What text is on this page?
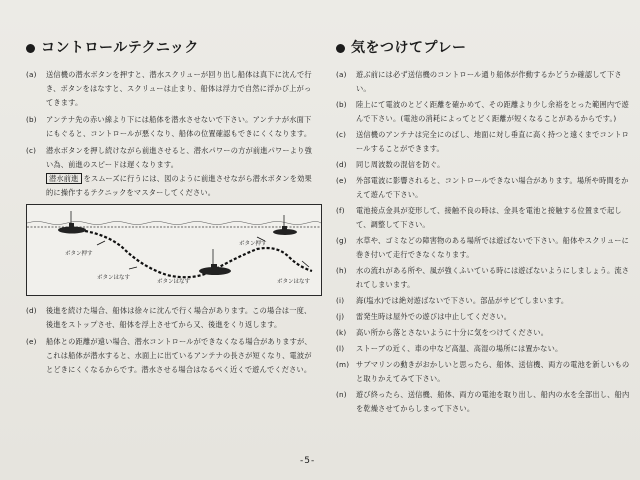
コントロールテクニック
(a)	送信機の潜水ボタンを押すと、潜水スクリューが回り出し船体は真下に沈んで行き、ボタンをはなすと、スクリューは止まり、船体は浮力で自然に浮かび上がってきます。
(b)	アンテナ先の赤い線より下には船体を潜水させないで下さい。アンテナが水面下にもぐると、コントロールが悪くなり、船体の位置確認もできにくくなります。
(c)	潜水ボタンを押し続けながら前進させると、潜水パワーの方が前進パワーより強い為、前進のスピードは遅くなります。
潜水前進 をスムーズに行うには、図のように前進させながら潜水ボタンを効果的に操作するテクニックをマスターしてください。
ボタン押す
ボタンはなす
ボタンはなす
ボタン押す
ボタンはなす
(d)	後進を続けた場合、船体は徐々に沈んで行く場合があります。この場合は一度、後進をストップさせ、船体を浮上させてから又、後進をくり返します。
(e)	船体との距離が遠い場合、潜水コントロールができなくなる場合がありますが、これは船体が潜水すると、水面上に出ているアンテナの長さが短くなり、電波がとどきにくくなるからです。潜水させる場合はなるべく近くで遊んでください。
気をつけてプレー
(a)	遊ぶ前には必ず送信機のコントロール通り船体が作動するかどうか確認して下さい。
(b)	陸上にて電波のとどく距離を確かめて、その距離より少し余裕をとった範囲内で遊んで下さい。(電池の消耗によってとどく距離が短くなることがあるからです。)
(c)	送信機のアンテナは完全にのばし、地面に対し垂直に高く持つと遠くまでコントロールすることができます。
(d)	同じ周波数の混信を防ぐ。
(e)	外部電波に影響されると、コントロールできない場合があります。場所や時間をかえて遊んで下さい。
(f)	電池接点金具が変形して、接触不良の時は、金具を電池と接触する位置まで起して、調整して下さい。
(g)	水草や、ゴミなどの障害物のある場所では遊ばないで下さい。船体やスクリューに巻き付いて走行できなくなります。
(h)	水の流れがある所や、風が強くふいている時には遊ばないようにしましょう。流されてしまいます。
(i)	海(塩水)では絶対遊ばないで下さい。部品がサビてしまいます。
(j)	雷発生時は屋外での遊びは中止してください。
(k)	高い所から落とさないように十分に気をつけてください。
(l)	ストーブの近く、車の中など高温、高湿の場所には置かない。
(m) サブマリンの動きがおかしいと思ったら、船体、送信機、両方の電池を新しいものと取りかえてみて下さい。
(n)	遊び終ったら、送信機、船体、両方の電池を取り出し、船内の水を全部出し、船内を乾燥させてからしまって下さい。
-5-
